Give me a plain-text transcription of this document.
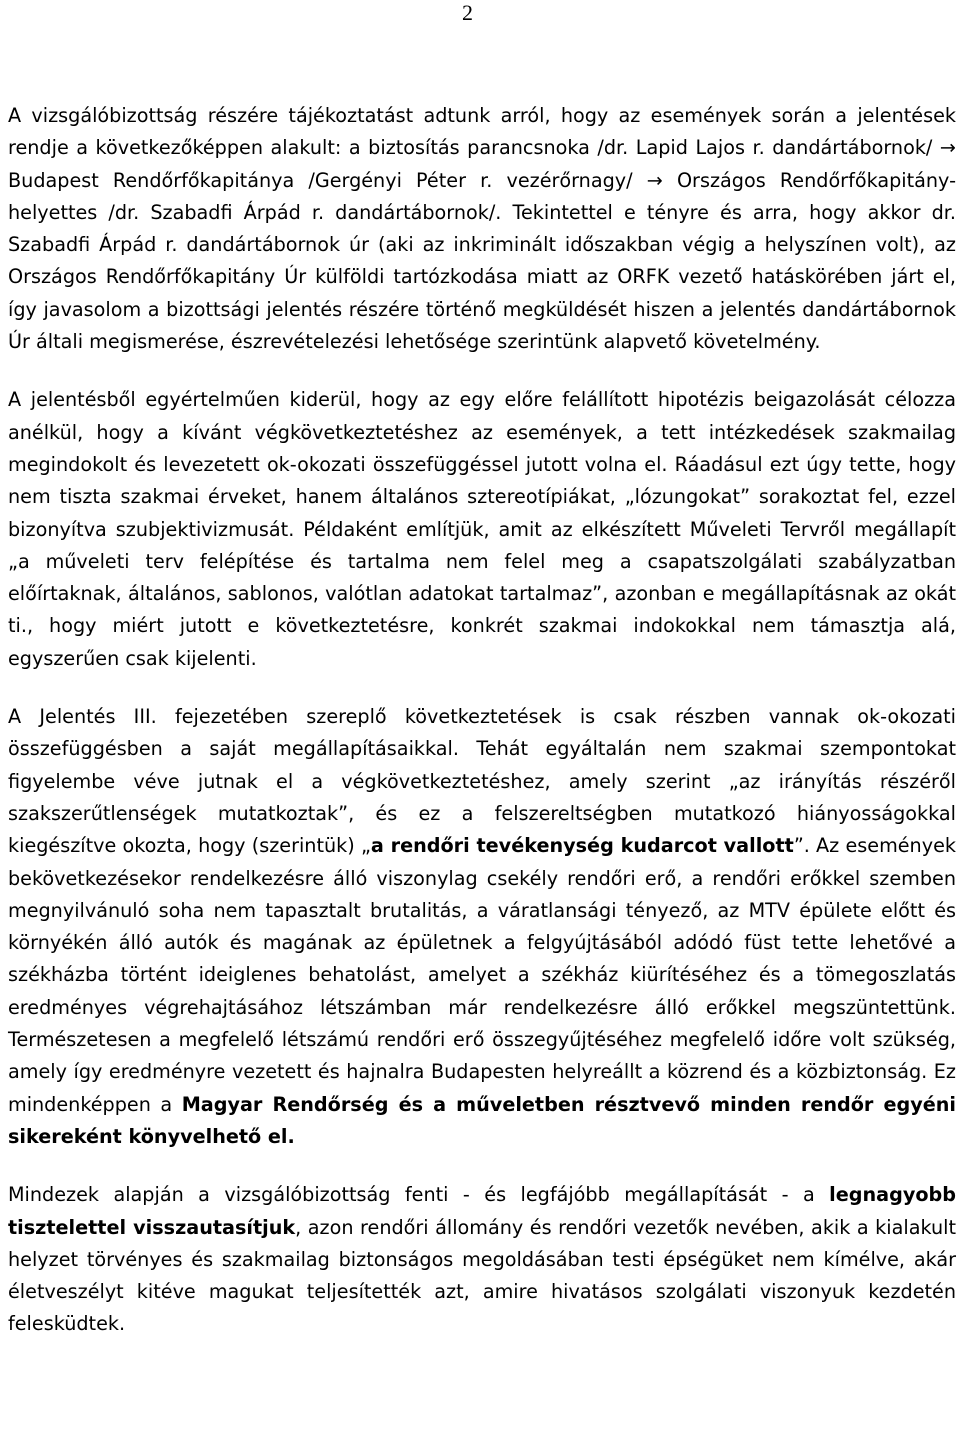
2

A vizsgálóbizottság részére tájékoztatást adtunk arról, hogy az események során a jelentések rendje a következőképpen alakult: a biztosítás parancsnoka /dr. Lapid Lajos r. dandártábornok/ → Budapest Rendőrfőkapitánya /Gergényi Péter r. vezérőrnagy/ → Országos Rendőrfőkapitány-helyettes /dr. Szabadfi Árpád r. dandártábornok/. Tekintettel e tényre és arra, hogy akkor dr. Szabadfi Árpád r. dandártábornok úr (aki az inkriminált időszakban végig a helyszínen volt), az Országos Rendőrfőkapitány Úr külföldi tartózkodása miatt az ORFK vezető hatáskörében járt el, így javasolom a bizottsági jelentés részére történő megküldését hiszen a jelentés dandártábornok Úr általi megismerése, észrevételezési lehetősége szerintünk alapvető követelmény.

A jelentésből egyértelműen kiderül, hogy az egy előre felállított hipotézis beigazolását célozza anélkül, hogy a kívánt végkövetkeztetéshez az események, a tett intézkedések szakmailag megindokolt és levezetett ok-okozati összefüggéssel jutott volna el. Ráadásul ezt úgy tette, hogy nem tiszta szakmai érveket, hanem általános sztereotípiákat, „lózungokat” sorakoztat fel, ezzel bizonyítva szubjektivizmusát. Példaként említjük, amit az elkészített Műveleti Tervről megállapít „a műveleti terv felépítése és tartalma nem felel meg a csapatszolgálati szabályzatban előírtaknak, általános, sablonos, valótlan adatokat tartalmaz”, azonban e megállapításnak az okát ti., hogy miért jutott e következtetésre, konkrét szakmai indokokkal nem támasztja alá, egyszerűen csak kijelenti.

A Jelentés III. fejezetében szereplő következtetések is csak részben vannak ok-okozati összefüggésben a saját megállapításaikkal. Tehát egyáltalán nem szakmai szempontokat figyelembe véve jutnak el a végkövetkeztetéshez, amely szerint „az irányítás részéről szakszerűtlenségek mutatkoztak”, és ez a felszereltségben mutatkozó hiányosságokkal kiegészítve okozta, hogy (szerintük) „a rendőri tevékenység kudarcot vallott”. Az események bekövetkezésekor rendelkezésre álló viszonylag csekély rendőri erő, a rendőri erőkkel szemben megnyilvánuló soha nem tapasztalt brutalitás, a váratlansági tényező, az MTV épülete előtt és környékén álló autók és magának az épületnek a felgyújtásából adódó füst tette lehetővé a székházba történt ideiglenes behatolást, amelyet a székház kiürítéséhez és a tömegoszlatás eredményes végrehajtásához létszámban már rendelkezésre álló erőkkel megszüntettünk. Természetesen a megfelelő létszámú rendőri erő összegyűjtéséhez megfelelő időre volt szükség, amely így eredményre vezetett és hajnalra Budapesten helyreállt a közrend és a közbiztonság. Ez mindenképpen a Magyar Rendőrség és a műveletben résztvevő minden rendőr egyéni sikereként könyvelhető el.

Mindezek alapján a vizsgálóbizottság fenti - és legfájóbb megállapítását - a legnagyobb tisztelettel visszautasítjuk, azon rendőri állomány és rendőri vezetők nevében, akik a kialakult helyzet törvényes és szakmailag biztonságos megoldásában testi épségüket nem kímélve, akár életveszélyt kitéve magukat teljesítették azt, amire hivatásos szolgálati viszonyuk kezdetén felesküdtek.
